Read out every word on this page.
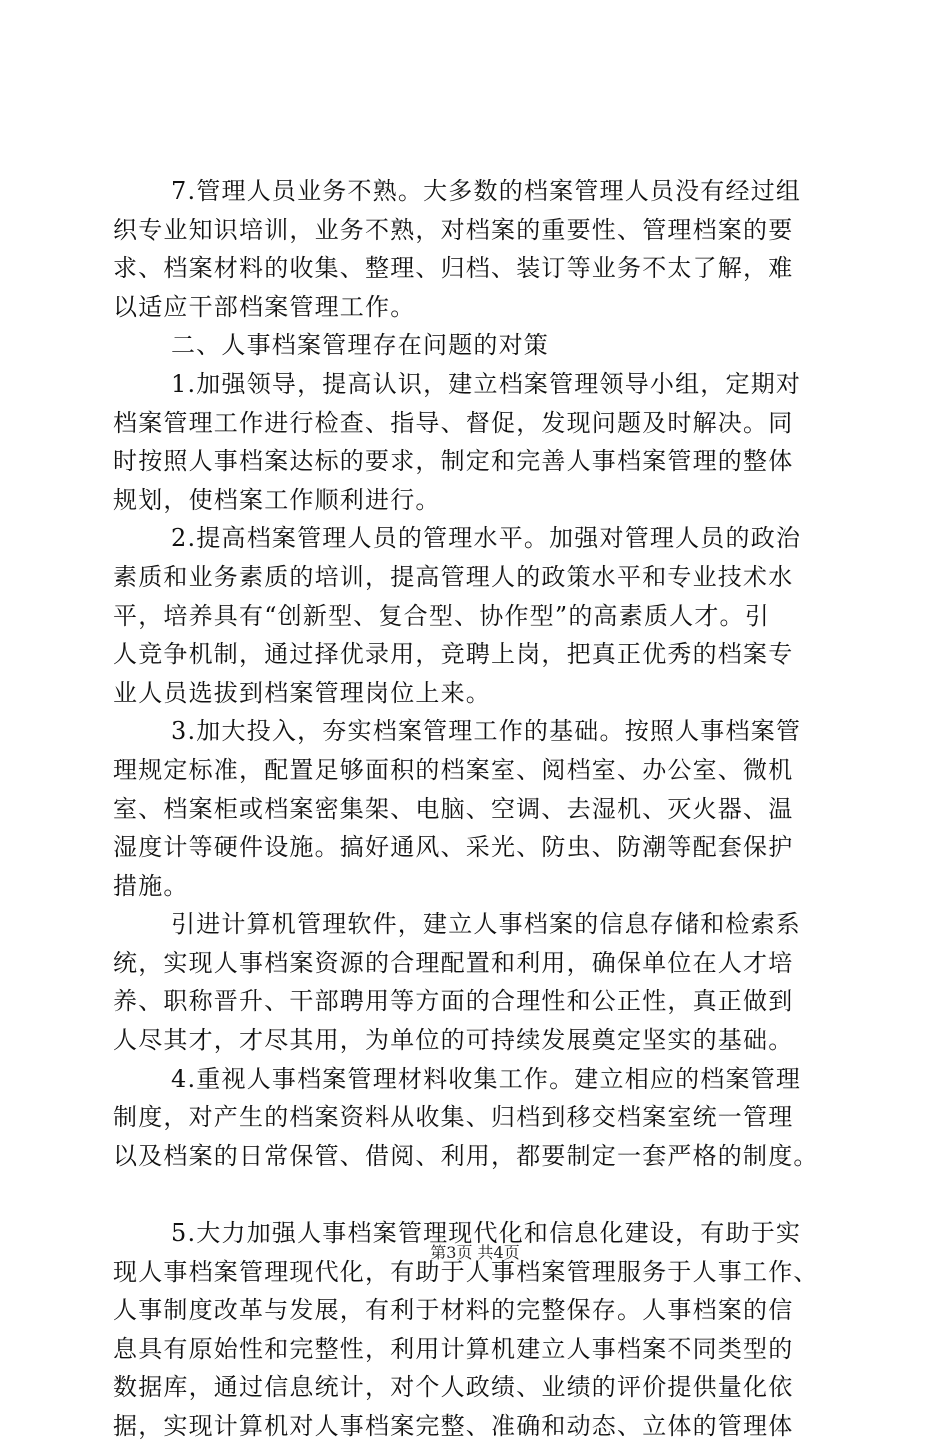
7.管理人员业务不熟。大多数的档案管理人员没有经过组
织专业知识培训，业务不熟，对档案的重要性、管理档案的要
求、档案材料的收集、整理、归档、装订等业务不太了解，难
以适应干部档案管理工作。
二、人事档案管理存在问题的对策
1.加强领导，提高认识，建立档案管理领导小组，定期对
档案管理工作进行检查、指导、督促，发现问题及时解决。同
时按照人事档案达标的要求，制定和完善人事档案管理的整体
规划，使档案工作顺利进行。
2.提高档案管理人员的管理水平。加强对管理人员的政治
素质和业务素质的培训，提高管理人的政策水平和专业技术水
平，培养具有“创新型、复合型、协作型”的高素质人才。引
人竞争机制，通过择优录用，竞聘上岗，把真正优秀的档案专
业人员选拔到档案管理岗位上来。
3.加大投入，夯实档案管理工作的基础。按照人事档案管
理规定标准，配置足够面积的档案室、阅档室、办公室、微机
室、档案柜或档案密集架、电脑、空调、去湿机、灭火器、温
湿度计等硬件设施。搞好通风、采光、防虫、防潮等配套保护
措施。
引进计算机管理软件，建立人事档案的信息存储和检索系
统，实现人事档案资源的合理配置和利用，确保单位在人才培
养、职称晋升、干部聘用等方面的合理性和公正性，真正做到
人尽其才，才尽其用，为单位的可持续发展奠定坚实的基础。
4.重视人事档案管理材料收集工作。建立相应的档案管理
制度，对产生的档案资料从收集、归档到移交档案室统一管理
以及档案的日常保管、借阅、利用，都要制定一套严格的制度。
5.大力加强人事档案管理现代化和信息化建设，有助于实
现人事档案管理现代化，有助于人事档案管理服务于人事工作、
人事制度改革与发展，有利于材料的完整保存。人事档案的信
息具有原始性和完整性，利用计算机建立人事档案不同类型的
数据库，通过信息统计，对个人政绩、业绩的评价提供量化依
据，实现计算机对人事档案完整、准确和动态、立体的管理体
第3页 共4页
